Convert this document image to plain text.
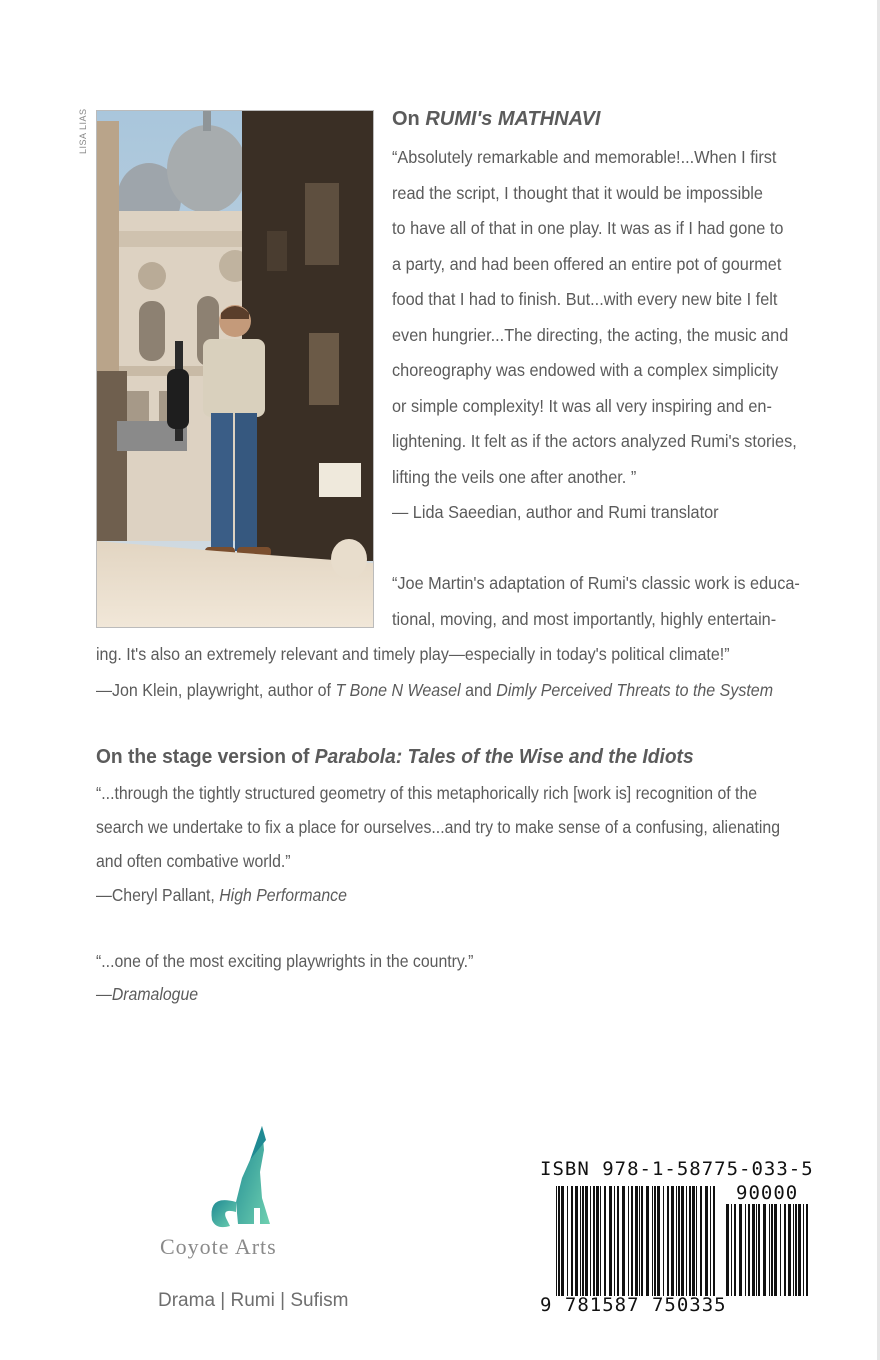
LISA LIAS	On RUMI's MATHNAVI
“Absolutely remarkable and memorable!...When I first
read the script, I thought that it would be impossible
to have all of that in one play. It was as if I had gone to
a party, and had been offered an entire pot of gourmet
food that I had to finish. But...with every new bite I felt
even hungrier...The directing, the acting, the music and
choreography was endowed with a complex simplicity
or simple complexity! It was all very inspiring and en-
lightening. It felt as if the actors analyzed Rumi's stories,
lifting the veils one after another. ”
— Lida Saeedian, author and Rumi translator
“Joe Martin's adaptation of Rumi's classic work is educa-
tional, moving, and most importantly, highly entertain-
ing. It's also an extremely relevant and timely play—especially in today's political climate!”
—Jon Klein, playwright, author of T Bone N Weasel and Dimly Perceived Threats to the System
On the stage version of Parabola: Tales of the Wise and the Idiots
“...through the tightly structured geometry of this metaphorically rich [work is] recognition of the
search we undertake to fix a place for ourselves...and try to make sense of a confusing, alienating
and often combative world.”
—Cheryl Pallant, High Performance
“...one of the most exciting playwrights in the country.”
—Dramalogue
Coyote Arts
Drama | Rumi | Sufism
ISBN 978-1-58775-033-5
90000
9 781587 750335
